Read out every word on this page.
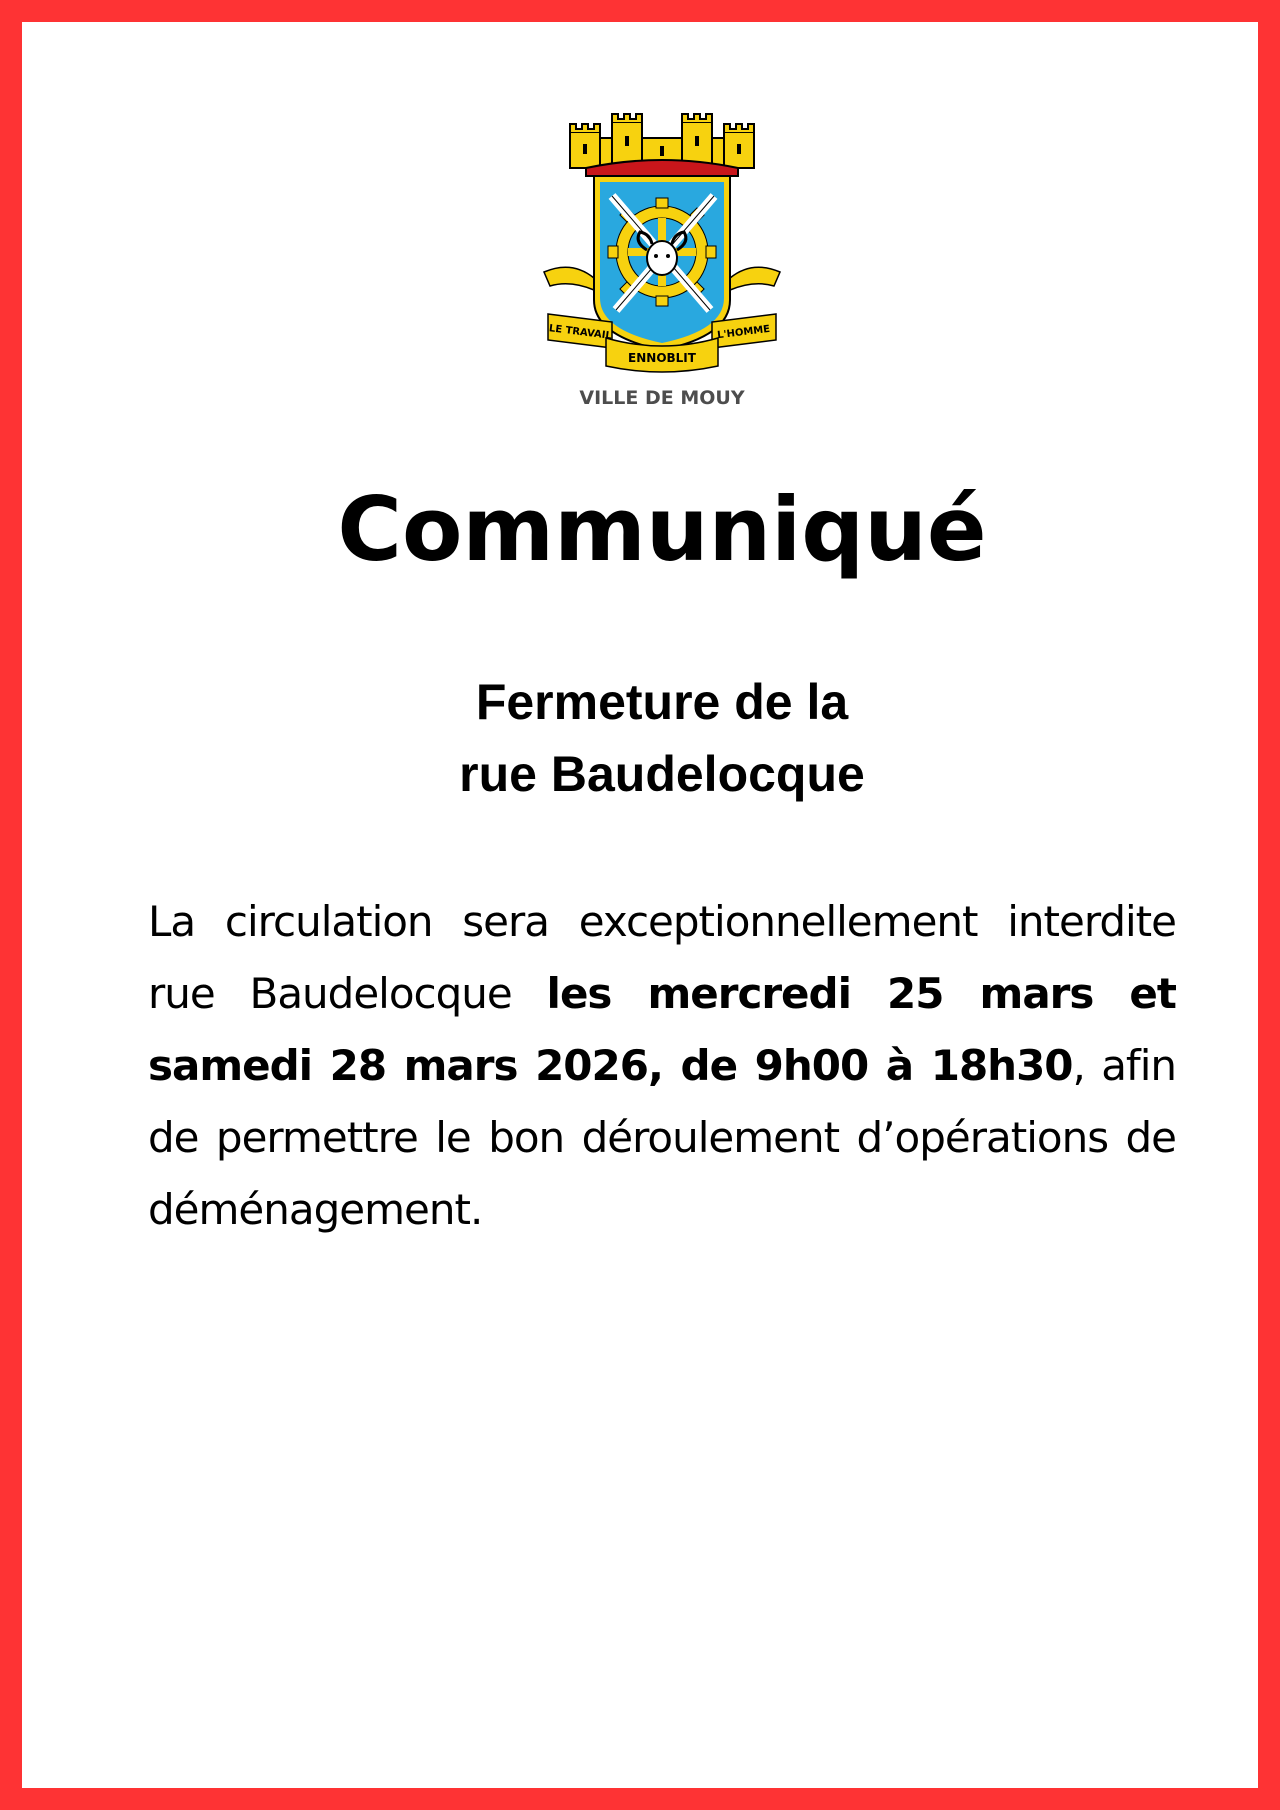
LE TRAVAIL	L'HOMME
ENNOBLIT
VILLE DE MOUY
Communiqué
Fermeture de la
rue Baudelocque

La circulation sera exceptionnellement interdite rue Baudelocque les mercredi 25 mars et samedi 28 mars 2026, de 9h00 à 18h30, afin de permettre le bon déroulement d’opérations de déménagement.
